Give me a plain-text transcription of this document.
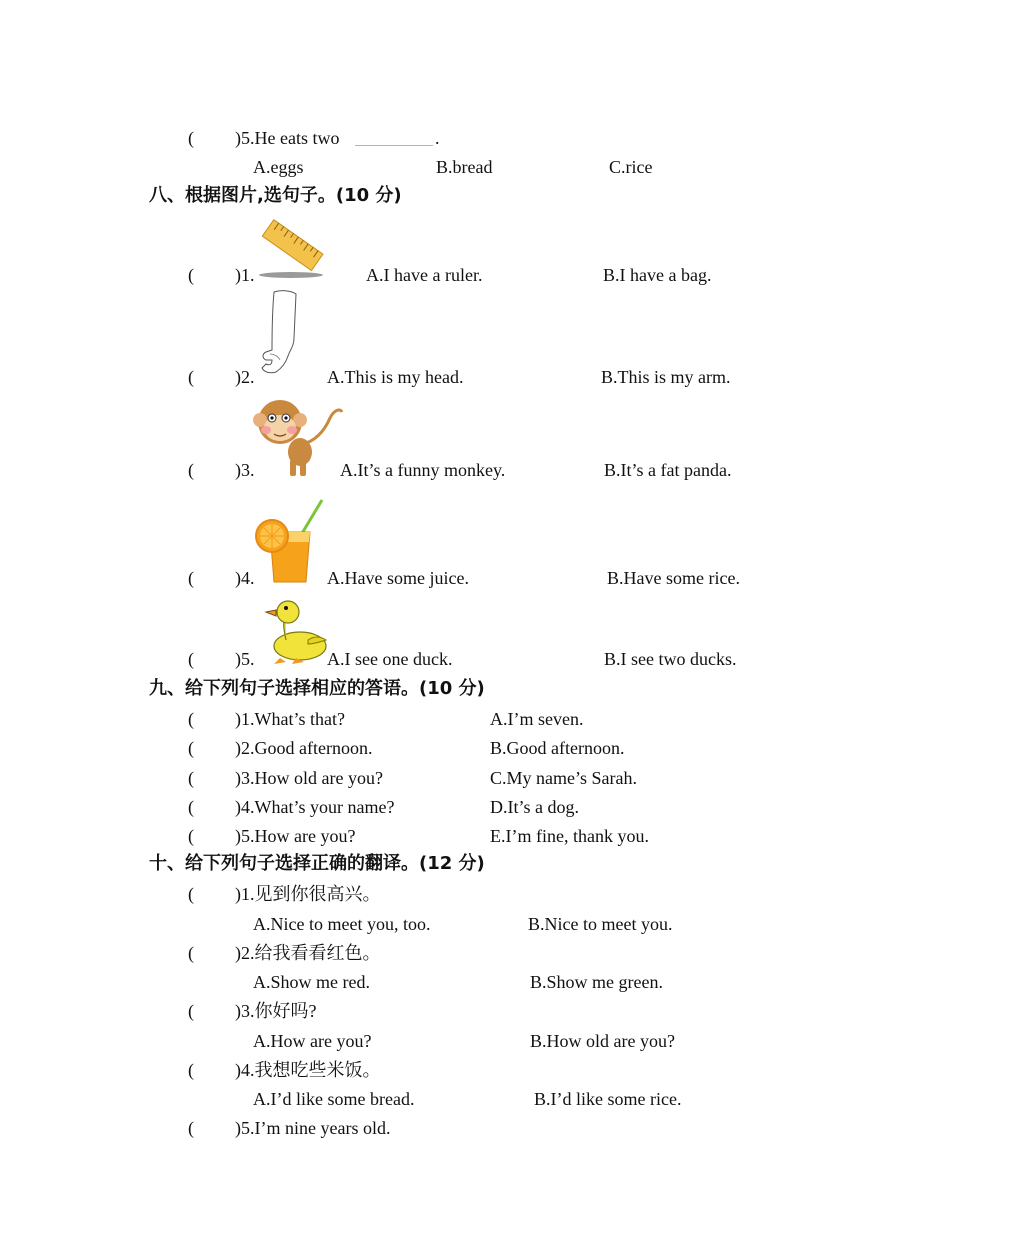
( )5.He eats two	.
A.eggs	B.bread	C.rice
八、根据图片,选句子。(10 分)
( )1.	A.I have a ruler.	B.I have a bag.
( )2.	A.This is my head.	B.This is my arm.
( )3.	A.It’s a funny monkey.	B.It’s a fat panda.
( )4.	A.Have some juice.	B.Have some rice.
( )5.	A.I see one duck.	B.I see two ducks.
九、给下列句子选择相应的答语。(10 分)
( )1.What’s that?	A.I’m seven.
( )2.Good afternoon.	B.Good afternoon.
( )3.How old are you?	C.My name’s Sarah.
( )4.What’s your name?	D.It’s a dog.
( )5.How are you?	E.I’m fine, thank you.
十、给下列句子选择正确的翻译。(12 分)
( )1.见到你很高兴。
A.Nice to meet you, too.	B.Nice to meet you.
( )2.给我看看红色。
A.Show me red.	B.Show me green.
( )3.你好吗?
A.How are you?	B.How old are you?
( )4.我想吃些米饭。
A.I’d like some bread.	B.I’d like some rice.
( )5.I’m nine years old.
